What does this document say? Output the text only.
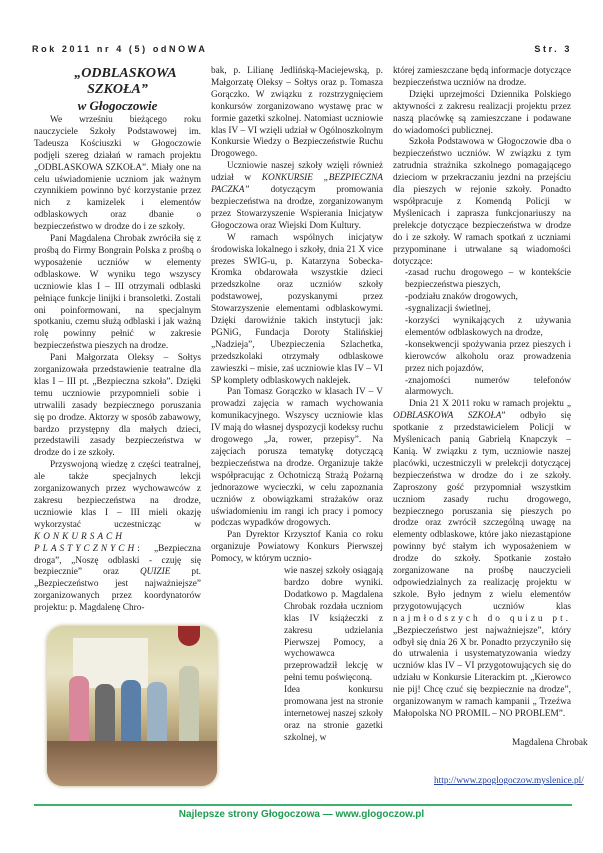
Rok 2011 nr 4 (5) odNOWA	Str. 3

„ODBLASKOWA SZKOŁA”
w Głogoczowie

We wrześniu bieżącego roku nauczyciele Szkoły Podstawowej im. Tadeusza Kościuszki w Głogoczowie podjęli szereg działań w ramach projektu „ODBLASKOWA SZKOŁA”. Miały one na celu uświadomienie uczniom jak ważnym czynnikiem powinno być korzystanie przez nich z kamizelek i elementów odblaskowych oraz dbanie o bezpieczeństwo w drodze do i ze szkoły.

Pani Magdalena Chrobak zwróciła się z prośbą do Firmy Bongrain Polska z prośbą o wyposażenie uczniów w elementy odblaskowe. W wyniku tego wszyscy uczniowie klas I – III otrzymali odblaski pełniące funkcje linijki i bransoletki. Zostali oni poinformowani, na specjalnym spotkaniu, czemu służą odblaski i jak ważną rolę powinny pełnić w zakresie bezpieczeństwa pieszych na drodze.

Pani Małgorzata Oleksy – Sołtys zorganizowała przedstawienie teatralne dla klas I – III pt. „Bezpieczna szkoła”. Dzięki temu uczniowie przypomnieli sobie i utrwalili zasady bezpiecznego poruszania się po drodze. Aktorzy w sposób zabawowy, bardzo przystępny dla małych dzieci, przedstawili zasady bezpieczeństwa w drodze do i ze szkoły.

Przyswojoną wiedzę z części teatralnej, ale także specjalnych lekcji zorganizowanych przez wychowawców z zakresu bezpieczeństwa na drodze, uczniowie klas I – III mieli okazję wykorzystać uczestnicząc w KONKURSACH PLASTYCZNYCH: „Bezpieczna droga”, „Noszę odblaski - czuję się bezpiecznie” oraz QUIZIE pt. „Bezpieczeństwo jest najważniejsze” zorganizowanych przez koordynatorów projektu: p. Magdalenę Chro-

bak, p. Lilianę Jedlińską-Maciejewską, p. Małgorzatę Oleksy – Sołtys oraz p. Tomasza Gorączko. W związku z rozstrzygnięciem konkursów zorganizowano wystawę prac w formie gazetki szkolnej. Natomiast uczniowie klas IV – VI wzięli udział w Ogólnoszkolnym Konkursie Wiedzy o Bezpieczeństwie Ruchu Drogowego.

Uczniowie naszej szkoły wzięli również udział w KONKURSIE „BEZPIECZNA PACZKA” dotyczącym promowania bezpieczeństwa na drodze, zorganizowanym przez Stowarzyszenie Wspierania Inicjatyw Głogoczowa oraz Wiejski Dom Kultury.

W ramach wspólnych inicjatyw środowiska lokalnego i szkoły, dnia 21 X vice prezes SWIG-u, p. Katarzyna Sobecka-Kromka obdarowała wszystkie dzieci przedszkolne oraz uczniów szkoły podstawowej, pozyskanymi przez Stowarzyszenie elementami odblaskowymi. Dzięki darowiźnie takich instytucji jak: PGNiG, Fundacja Doroty Stalińskiej „Nadzieja”, Ubezpieczenia Szlachetka, przedszkolaki otrzymały odblaskowe zawieszki – misie, zaś uczniowie klas IV – VI SP komplety odblaskowych naklejek.

Pan Tomasz Gorączko w klasach IV – V prowadzi zajęcia w ramach wychowania komunikacyjnego. Wszyscy uczniowie klas IV mają do własnej dyspozycji kodeksy ruchu drogowego „Ja, rower, przepisy”. Na zajęciach porusza tematykę dotyczącą bezpieczeństwa na drodze. Organizuje także współpracując z Ochotniczą Strażą Pożarną jednorazowe wycieczki, w celu zapoznania uczniów z obowiązkami strażaków oraz uświadomieniu im rangi ich pracy i pomocy podczas wypadków drogowych.

Pan Dyrektor Krzysztof Kania co roku organizuje Powiatowy Konkurs Pierwszej Pomocy, w którym ucznio-

wie naszej szkoły osiągają bardzo dobre wyniki. Dodatkowo p. Magdalena Chrobak rozdała uczniom klas IV książeczki z zakresu udzielania Pierwszej Pomocy, a wychowawca przeprowadził lekcję w pełni temu poświęconą.

Idea konkursu promowana jest na stronie internetowej naszej szkoły oraz na stronie gazetki szkolnej, w

której zamieszczane będą informacje dotyczące bezpieczeństwa uczniów na drodze.

Dzięki uprzejmości Dziennika Polskiego aktywności z zakresu realizacji projektu przez naszą placówkę są zamieszczane i podawane do wiadomości publicznej.

Szkoła Podstawowa w Głogoczowie dba o bezpieczeństwo uczniów. W związku z tym zatrudnia strażnika szkolnego pomagającego dzieciom w przekraczaniu jezdni na przejściu dla pieszych w rejonie szkoły. Ponadto współpracuje z Komendą Policji w Myślenicach i zaprasza funkcjonariuszy na prelekcje dotyczące bezpieczeństwa w drodze do i ze szkoły. W ramach spotkań z uczniami przypominane i utrwalane są wiadomości dotyczące:

-zasad ruchu drogowego – w kontekście bezpieczeństwa pieszych,
-podziału znaków drogowych,
-sygnalizacji świetlnej,
-korzyści wynikających z używania elementów odblaskowych na drodze,
-konsekwencji spożywania przez pieszych i kierowców alkoholu oraz prowadzenia przez nich pojazdów,
-znajomości numerów telefonów alarmowych.

Dnia 21 X 2011 roku w ramach projektu „ ODBLASKOWA SZKOŁA” odbyło się spotkanie z przedstawicielem Policji w Myślenicach panią Gabrielą Knapczyk – Kanią. W związku z tym, uczniowie naszej placówki, uczestniczyli w prelekcji dotyczącej bezpieczeństwa w drodze do i ze szkoły. Zaproszony gość przypomniał wszystkim uczniom zasady ruchu drogowego, bezpiecznego poruszania się pieszych po drodze oraz zwrócił szczególną uwagę na elementy odblaskowe, które jako niezastąpione powinny być stałym ich wyposażeniem w drodze do szkoły. Spotkanie zostało zorganizowane na prośbę nauczycieli odpowiedzialnych za realizację projektu w szkole. Było jednym z wielu elementów przygotowujących uczniów klas najmłodszych do quizu pt. „Bezpieczeństwo jest najważniejsze”, który odbył się dnia 26 X br. Ponadto przyczyniło się do utrwalenia i usystematyzowania wiedzy uczniów klas IV – VI przygotowujących się do udziału w Konkursie Literackim pt. „Kierowco nie pij! Chcę czuć się bezpiecznie na drodze”, organizowanym w ramach kampanii „ Trzeźwa Małopolska NO PROMIL – NO PROBLEM”.

Magdalena Chrobak
http://www.zpoglogoczow.myslenice.pl/
Najlepsze strony Głogoczowa — www.glogoczow.pl
